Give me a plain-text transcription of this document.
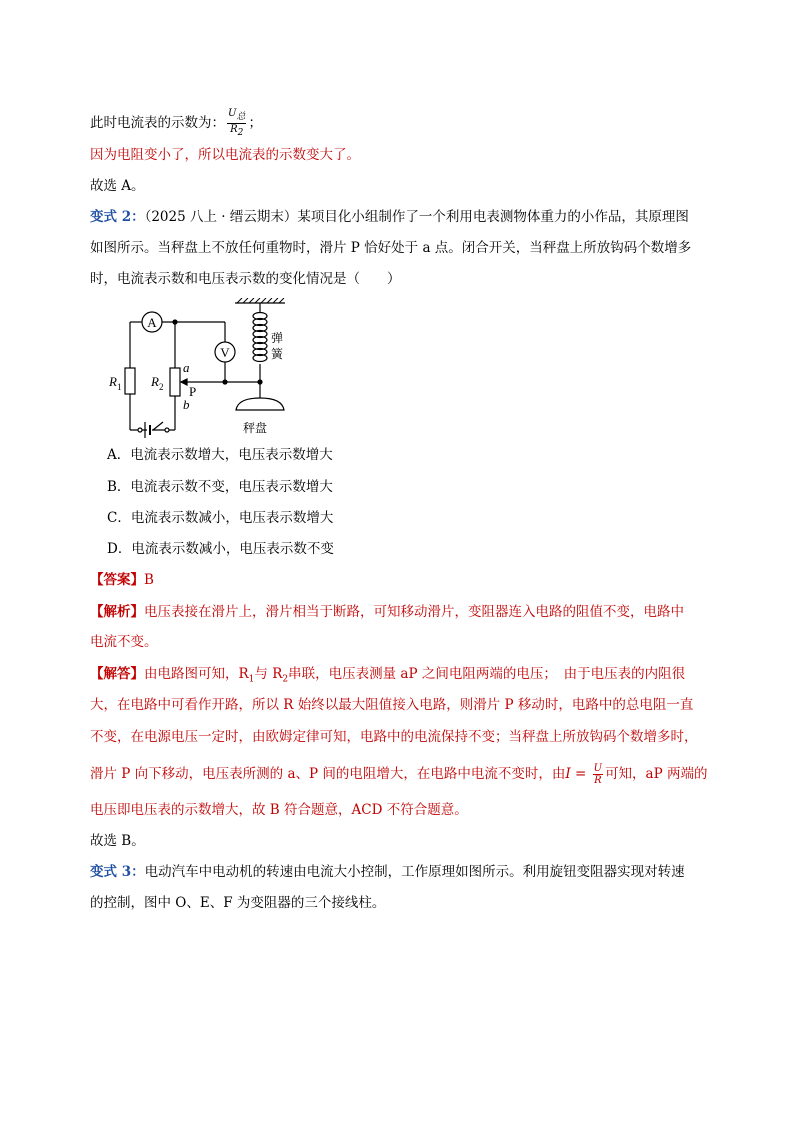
此时电流表的示数为： $\frac{U_总}{R_2}$ ；
因为电阻变小了，所以电流表的示数变大了。
故选 A。
变式 2：（2025 八上 · 缙云期末）某项目化小组制作了一个利用电表测物体重力的小作品，其原理图
如图所示。当秤盘上不放任何重物时，滑片 P 恰好处于 a 点。闭合开关，当秤盘上所放钩码个数增多
时，电流表示数和电压表示数的变化情况是（　　）
A
V
$R_1$ $R_2$
a
b
P
弹
簧
秤盘
A．电流表示数增大，电压表示数增大
B．电流表示数不变，电压表示数增大
C．电流表示数减小，电压表示数增大
D．电流表示数减小，电压表示数不变
【答案】B
【解析】电压表接在滑片上，滑片相当于断路，可知移动滑片，变阻器连入电路的阻值不变，电路中
电流不变。
【解答】由电路图可知，$R_1$与 $R_2$串联，电压表测量 aP 之间电阻两端的电压；　由于电压表的内阻很
大，在电路中可看作开路，所以 R 始终以最大阻值接入电路，则滑片 P 移动时，电路中的总电阻一直
不变，在电源电压一定时，由欧姆定律可知，电路中的电流保持不变；当秤盘上所放钩码个数增多时，
滑片 P 向下移动，电压表所测的 a、P 间的电阻增大，在电路中电流不变时，由$I = \frac{U}{R}$ 可知，aP 两端的
电压即电压表的示数增大，故 B 符合题意，ACD 不符合题意。
故选 B。
变式 3：电动汽车中电动机的转速由电流大小控制，工作原理如图所示。利用旋钮变阻器实现对转速
的控制，图中 O、E、F 为变阻器的三个接线柱。
